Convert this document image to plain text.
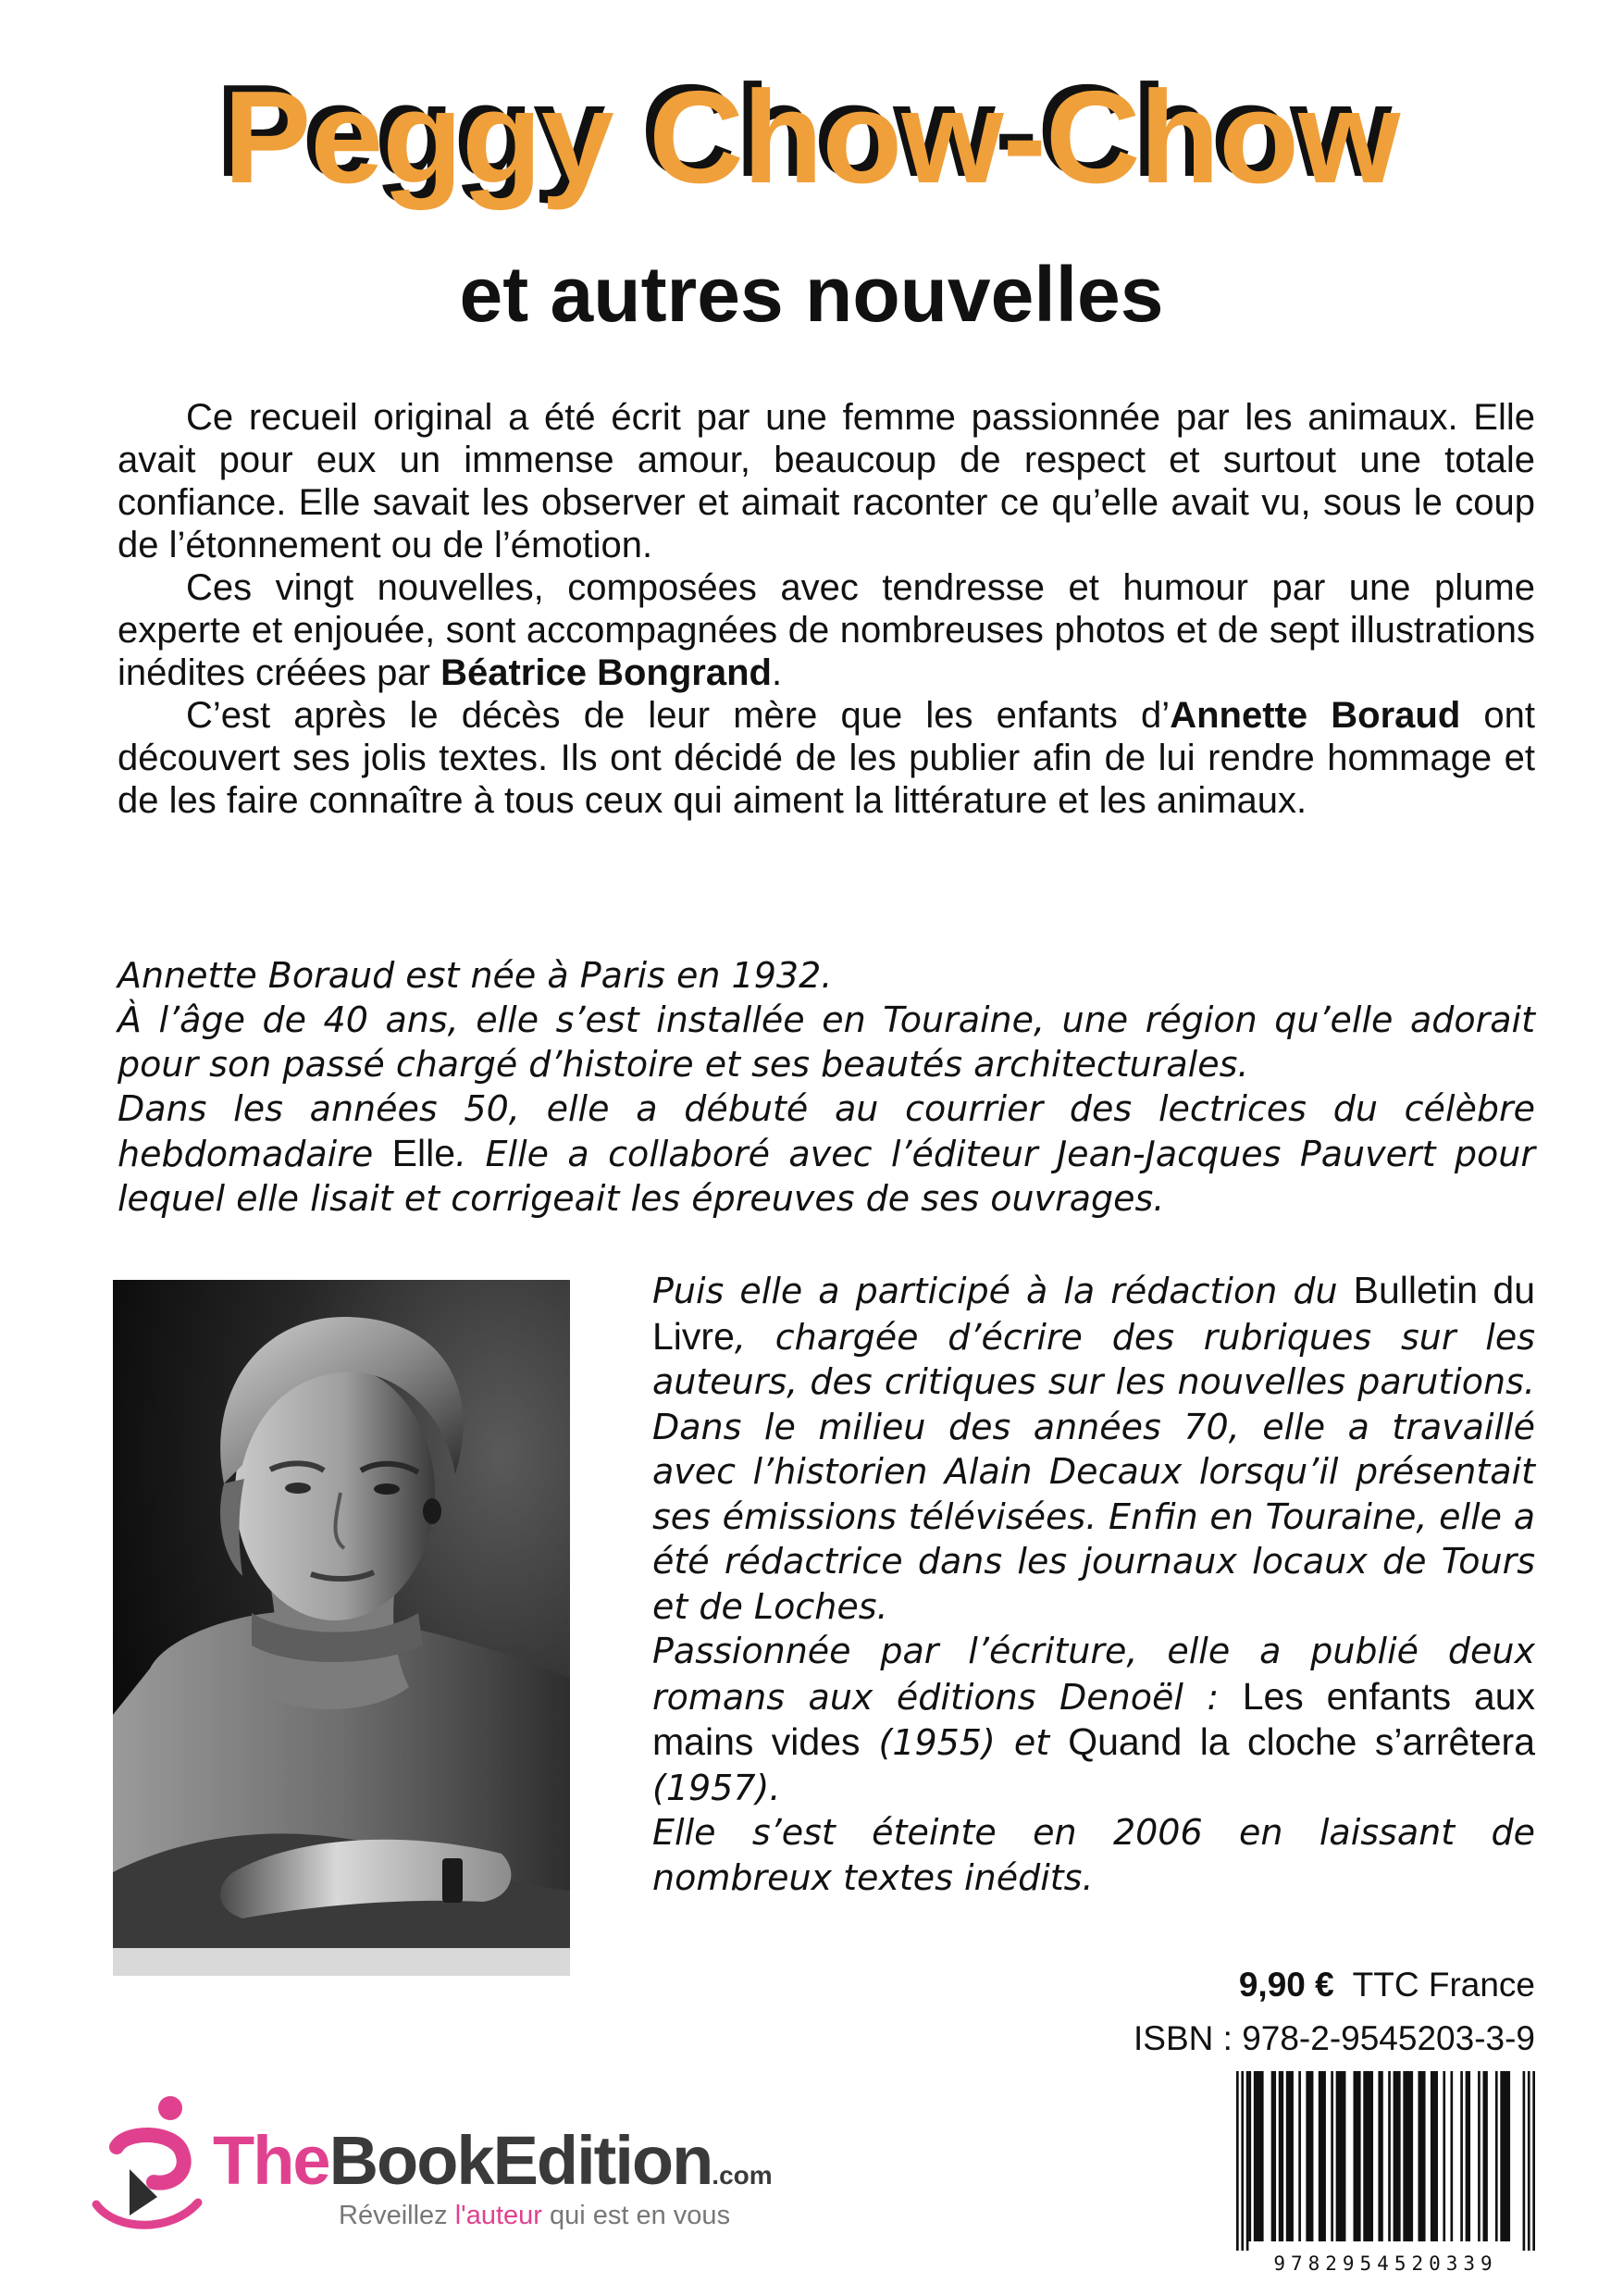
Peggy Chow-Chow
et autres nouvelles

Ce recueil original a été écrit par une femme passionnée par les animaux. Elle avait pour eux un immense amour, beaucoup de respect et surtout une totale confiance. Elle savait les observer et aimait raconter ce qu’elle avait vu, sous le coup de l’étonnement ou de l’émotion.

Ces vingt nouvelles, composées avec tendresse et humour par une plume experte et enjouée, sont accompagnées de nombreuses photos et de sept illustrations inédites créées par Béatrice Bongrand.

C’est après le décès de leur mère que les enfants d’Annette Boraud ont découvert ses jolis textes. Ils ont décidé de les publier afin de lui rendre hommage et de les faire connaître à tous ceux qui aiment la littérature et les animaux.

Annette Boraud est née à Paris en 1932.

À l’âge de 40 ans, elle s’est installée en Touraine, une région qu’elle adorait pour son passé chargé d’histoire et ses beautés architecturales.

Dans les années 50, elle a débuté au courrier des lectrices du célèbre hebdomadaire Elle. Elle a collaboré avec l’éditeur Jean-Jacques Pauvert pour lequel elle lisait et corrigeait les épreuves de ses ouvrages.

Puis elle a participé à la rédaction du Bulletin du Livre, chargée d’écrire des rubriques sur les auteurs, des critiques sur les nouvelles parutions. Dans le milieu des années 70, elle a travaillé avec l’historien Alain Decaux lorsqu’il présentait ses émissions télévisées. Enfin en Touraine, elle a été rédactrice dans les journaux locaux de Tours et de Loches.

Passionnée par l’écriture, elle a publié deux romans aux éditions Denoël : Les enfants aux mains vides (1955) et Quand la cloche s’arrêtera (1957).

Elle s’est éteinte en 2006 en laissant de nombreux textes inédits.

9,90 € TTC France
ISBN : 978-2-9545203-3-9
9782954520339
TheBookEdition.com
Réveillez l'auteur qui est en vous
